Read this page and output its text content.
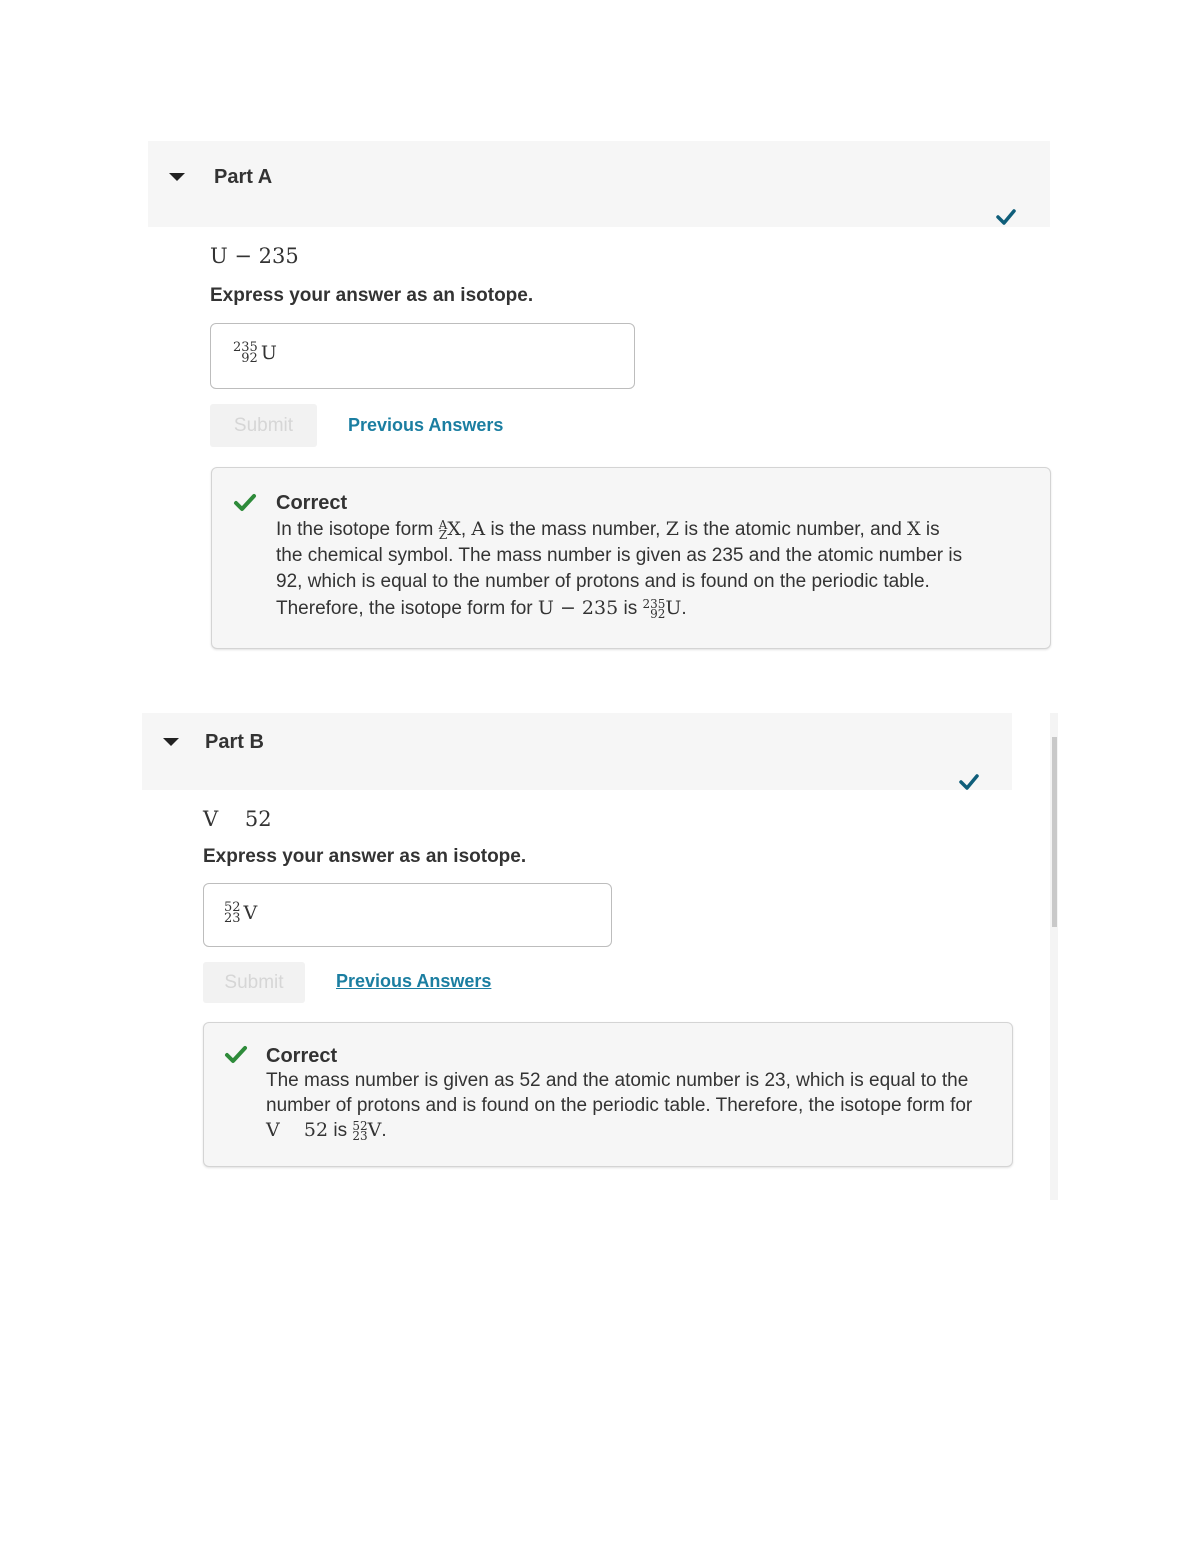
Part A
U − 235
Express your answer as an isotope.
235
92 U
Submit	Previous Answers
Correct
In the isotope form A
Z X, A is the mass number, Z is the atomic number, and X is
the chemical symbol. The mass number is given as 235 and the atomic number is
92, which is equal to the number of protons and is found on the periodic table.
Therefore, the isotope form for U − 235 is 235
92 U.
Part B
V    52
Express your answer as an isotope.
52
23 V
Submit	Previous Answers
Correct
The mass number is given as 52 and the atomic number is 23, which is equal to the
number of protons and is found on the periodic table. Therefore, the isotope form for
V    52 is 52
23 V.
